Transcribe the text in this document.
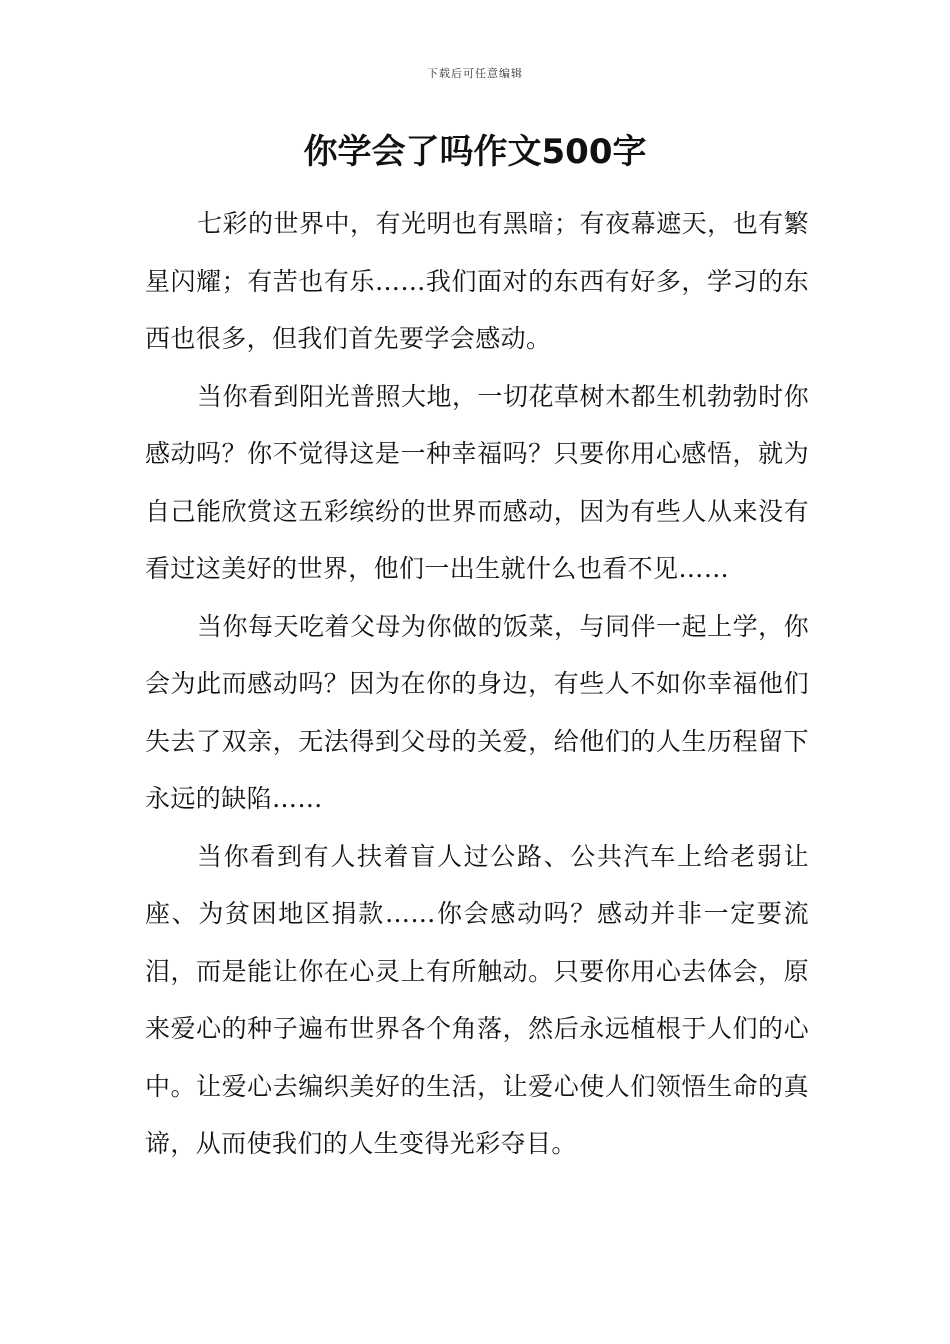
下载后可任意编辑
你学会了吗作文500字

七彩的世界中，有光明也有黑暗；有夜幕遮天，也有繁星闪耀；有苦也有乐……我们面对的东西有好多，学习的东西也很多，但我们首先要学会感动。

当你看到阳光普照大地，一切花草树木都生机勃勃时你感动吗？你不觉得这是一种幸福吗？只要你用心感悟，就为自己能欣赏这五彩缤纷的世界而感动，因为有些人从来没有看过这美好的世界，他们一出生就什么也看不见……

当你每天吃着父母为你做的饭菜，与同伴一起上学，你会为此而感动吗？因为在你的身边，有些人不如你幸福他们失去了双亲，无法得到父母的关爱，给他们的人生历程留下永远的缺陷……

当你看到有人扶着盲人过公路、公共汽车上给老弱让座、为贫困地区捐款……你会感动吗？感动并非一定要流泪，而是能让你在心灵上有所触动。只要你用心去体会，原来爱心的种子遍布世界各个角落，然后永远植根于人们的心中。让爱心去编织美好的生活，让爱心使人们领悟生命的真谛，从而使我们的人生变得光彩夺目。
